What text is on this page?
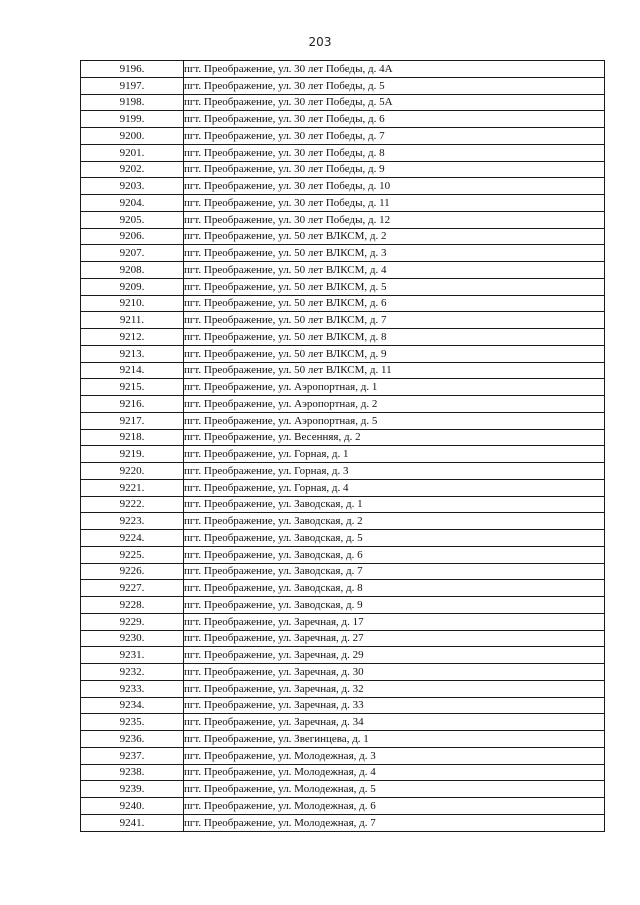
203
9196.	пгт. Преображение, ул. 30 лет Победы, д. 4А
9197.	пгт. Преображение, ул. 30 лет Победы, д. 5
9198.	пгт. Преображение, ул. 30 лет Победы, д. 5А
9199.	пгт. Преображение, ул. 30 лет Победы, д. 6
9200.	пгт. Преображение, ул. 30 лет Победы, д. 7
9201.	пгт. Преображение, ул. 30 лет Победы, д. 8
9202.	пгт. Преображение, ул. 30 лет Победы, д. 9
9203.	пгт. Преображение, ул. 30 лет Победы, д. 10
9204.	пгт. Преображение, ул. 30 лет Победы, д. 11
9205.	пгт. Преображение, ул. 30 лет Победы, д. 12
9206.	пгт. Преображение, ул. 50 лет ВЛКСМ, д. 2
9207.	пгт. Преображение, ул. 50 лет ВЛКСМ, д. 3
9208.	пгт. Преображение, ул. 50 лет ВЛКСМ, д. 4
9209.	пгт. Преображение, ул. 50 лет ВЛКСМ, д. 5
9210.	пгт. Преображение, ул. 50 лет ВЛКСМ, д. 6
9211.	пгт. Преображение, ул. 50 лет ВЛКСМ, д. 7
9212.	пгт. Преображение, ул. 50 лет ВЛКСМ, д. 8
9213.	пгт. Преображение, ул. 50 лет ВЛКСМ, д. 9
9214.	пгт. Преображение, ул. 50 лет ВЛКСМ, д. 11
9215.	пгт. Преображение, ул. Аэропортная, д. 1
9216.	пгт. Преображение, ул. Аэропортная, д. 2
9217.	пгт. Преображение, ул. Аэропортная, д. 5
9218.	пгт. Преображение, ул. Весенняя, д. 2
9219.	пгт. Преображение, ул. Горная, д. 1
9220.	пгт. Преображение, ул. Горная, д. 3
9221.	пгт. Преображение, ул. Горная, д. 4
9222.	пгт. Преображение, ул. Заводская, д. 1
9223.	пгт. Преображение, ул. Заводская, д. 2
9224.	пгт. Преображение, ул. Заводская, д. 5
9225.	пгт. Преображение, ул. Заводская, д. 6
9226.	пгт. Преображение, ул. Заводская, д. 7
9227.	пгт. Преображение, ул. Заводская, д. 8
9228.	пгт. Преображение, ул. Заводская, д. 9
9229.	пгт. Преображение, ул. Заречная, д. 17
9230.	пгт. Преображение, ул. Заречная, д. 27
9231.	пгт. Преображение, ул. Заречная, д. 29
9232.	пгт. Преображение, ул. Заречная, д. 30
9233.	пгт. Преображение, ул. Заречная, д. 32
9234.	пгт. Преображение, ул. Заречная, д. 33
9235.	пгт. Преображение, ул. Заречная, д. 34
9236.	пгт. Преображение, ул. Звегинцева, д. 1
9237.	пгт. Преображение, ул. Молодежная, д. 3
9238.	пгт. Преображение, ул. Молодежная, д. 4
9239.	пгт. Преображение, ул. Молодежная, д. 5
9240.	пгт. Преображение, ул. Молодежная, д. 6
9241.	пгт. Преображение, ул. Молодежная, д. 7
